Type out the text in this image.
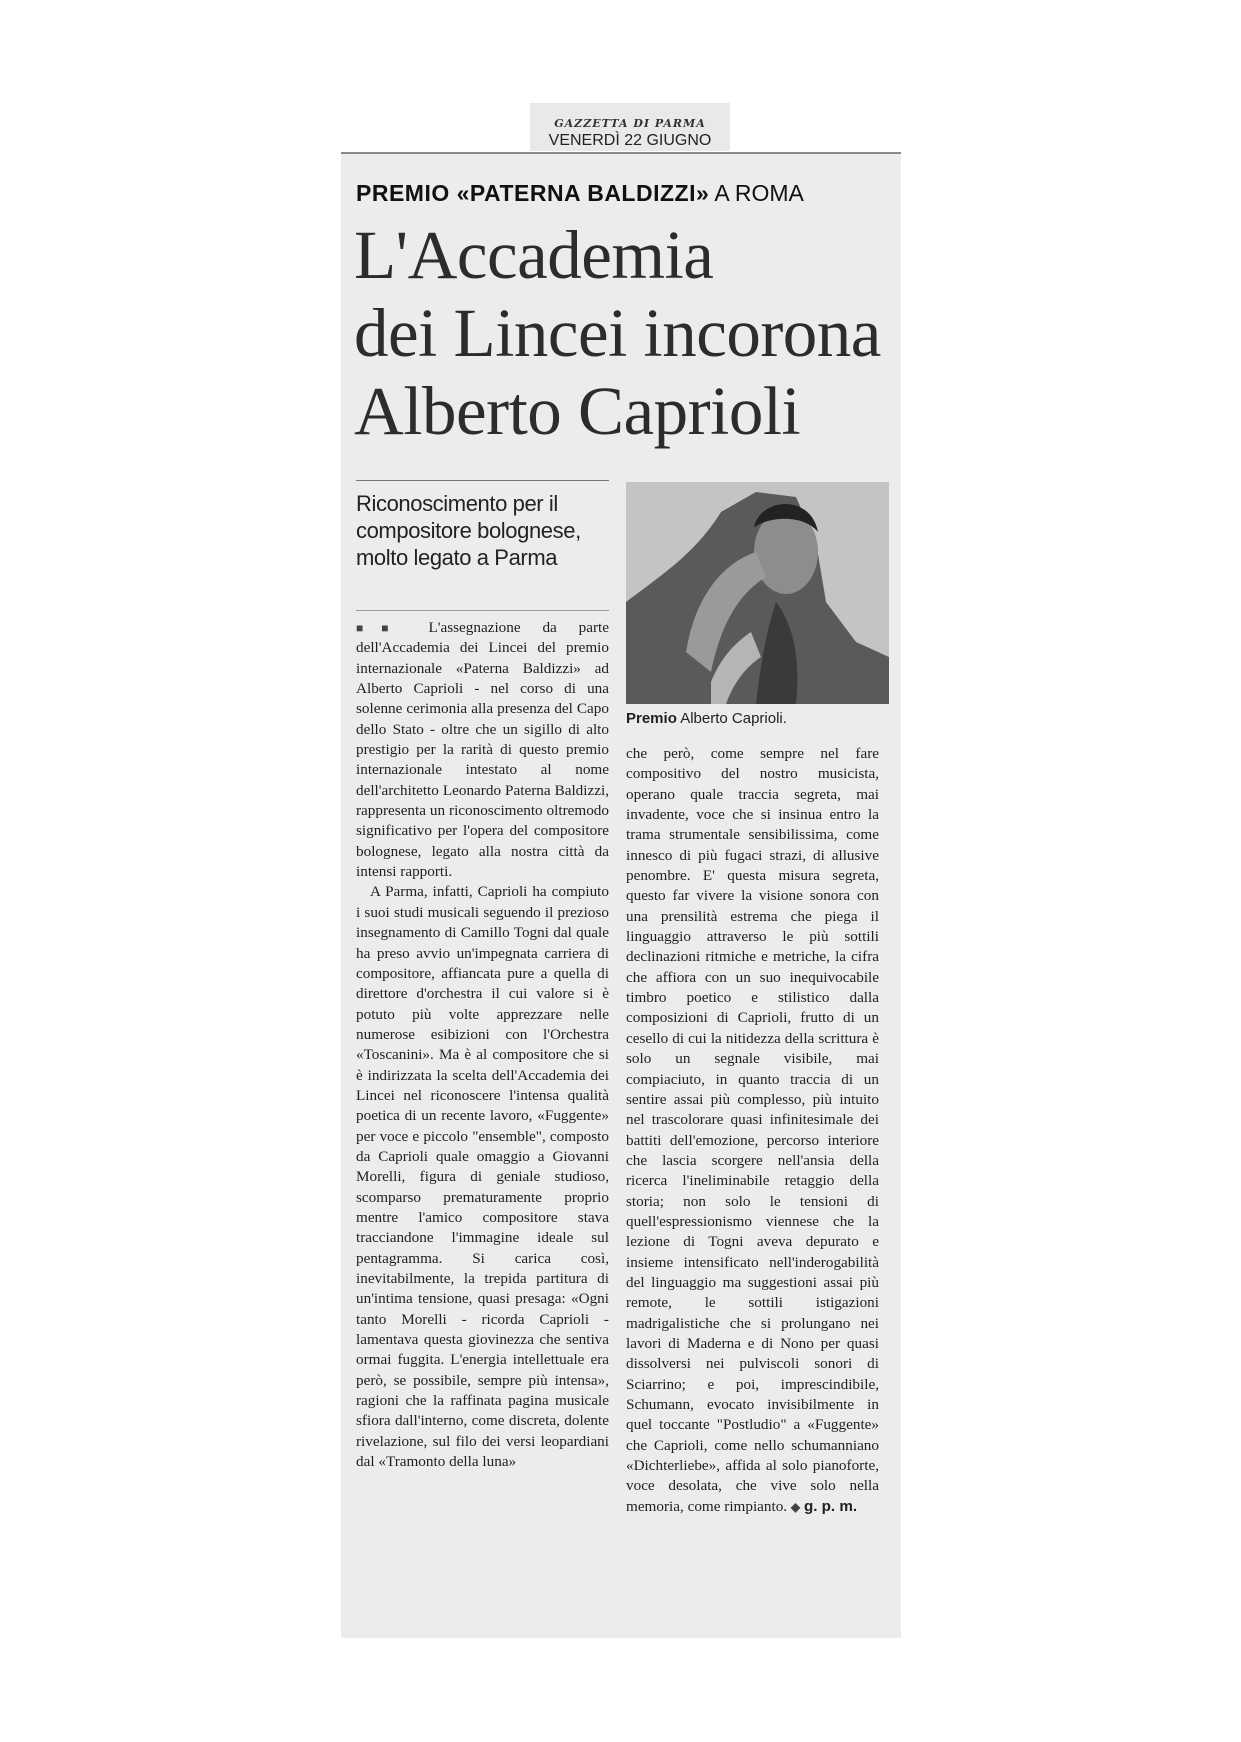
GAZZETTA DI PARMA
VENERDÌ 22 GIUGNO
PREMIO «PATERNA BALDIZZI» A ROMA
L'Accademia
dei Lincei incorona
Alberto Caprioli
Riconoscimento per il compositore bolognese, molto legato a Parma
Premio Alberto Caprioli.

■■ L'assegnazione da parte dell'Accademia dei Lincei del premio internazionale «Paterna Baldizzi» ad Alberto Caprioli - nel corso di una solenne cerimonia alla presenza del Capo dello Stato - oltre che un sigillo di alto prestigio per la rarità di questo premio internazionale intestato al nome dell'architetto Leonardo Paterna Baldizzi, rappresenta un riconoscimento oltremodo significativo per l'opera del compositore bolognese, legato alla nostra città da intensi rapporti.

A Parma, infatti, Caprioli ha compiuto i suoi studi musicali seguendo il prezioso insegnamento di Camillo Togni dal quale ha preso avvio un'impegnata carriera di compositore, affiancata pure a quella di direttore d'orchestra il cui valore si è potuto più volte apprezzare nelle numerose esibizioni con l'Orchestra «Toscanini». Ma è al compositore che si è indirizzata la scelta dell'Accademia dei Lincei nel riconoscere l'intensa qualità poetica di un recente lavoro, «Fuggente» per voce e piccolo "ensemble", composto da Caprioli quale omaggio a Giovanni Morelli, figura di geniale studioso, scomparso prematuramente proprio mentre l'amico compositore stava tracciandone l'immagine ideale sul pentagramma. Si carica così, inevitabilmente, la trepida partitura di un'intima tensione, quasi presaga: «Ogni tanto Morelli - ricorda Caprioli - lamentava questa giovinezza che sentiva ormai fuggita. L'energia intellettuale era però, se possibile, sempre più intensa», ragioni che la raffinata pagina musicale sfiora dall'interno, come discreta, dolente rivelazione, sul filo dei versi leopardiani dal «Tramonto della luna»

che però, come sempre nel fare compositivo del nostro musicista, operano quale traccia segreta, mai invadente, voce che si insinua entro la trama strumentale sensibilissima, come innesco di più fugaci strazi, di allusive penombre. E' questa misura segreta, questo far vivere la visione sonora con una prensilità estrema che piega il linguaggio attraverso le più sottili declinazioni ritmiche e metriche, la cifra che affiora con un suo inequivocabile timbro poetico e stilistico dalla composizioni di Caprioli, frutto di un cesello di cui la nitidezza della scrittura è solo un segnale visibile, mai compiaciuto, in quanto traccia di un sentire assai più complesso, più intuito nel trascolorare quasi infinitesimale dei battiti dell'emozione, percorso interiore che lascia scorgere nell'ansia della ricerca l'ineliminabile retaggio della storia; non solo le tensioni di quell'espressionismo viennese che la lezione di Togni aveva depurato e insieme intensificato nell'inderogabilità del linguaggio ma suggestioni assai più remote, le sottili istigazioni madrigalistiche che si prolungano nei lavori di Maderna e di Nono per quasi dissolversi nei pulviscoli sonori di Sciarrino; e poi, imprescindibile, Schumann, evocato invisibilmente in quel toccante "Postludio" a «Fuggente» che Caprioli, come nello schumanniano «Dichterliebe», affida al solo pianoforte, voce desolata, che vive solo nella memoria, come rimpianto. ◆ g. p. m.
